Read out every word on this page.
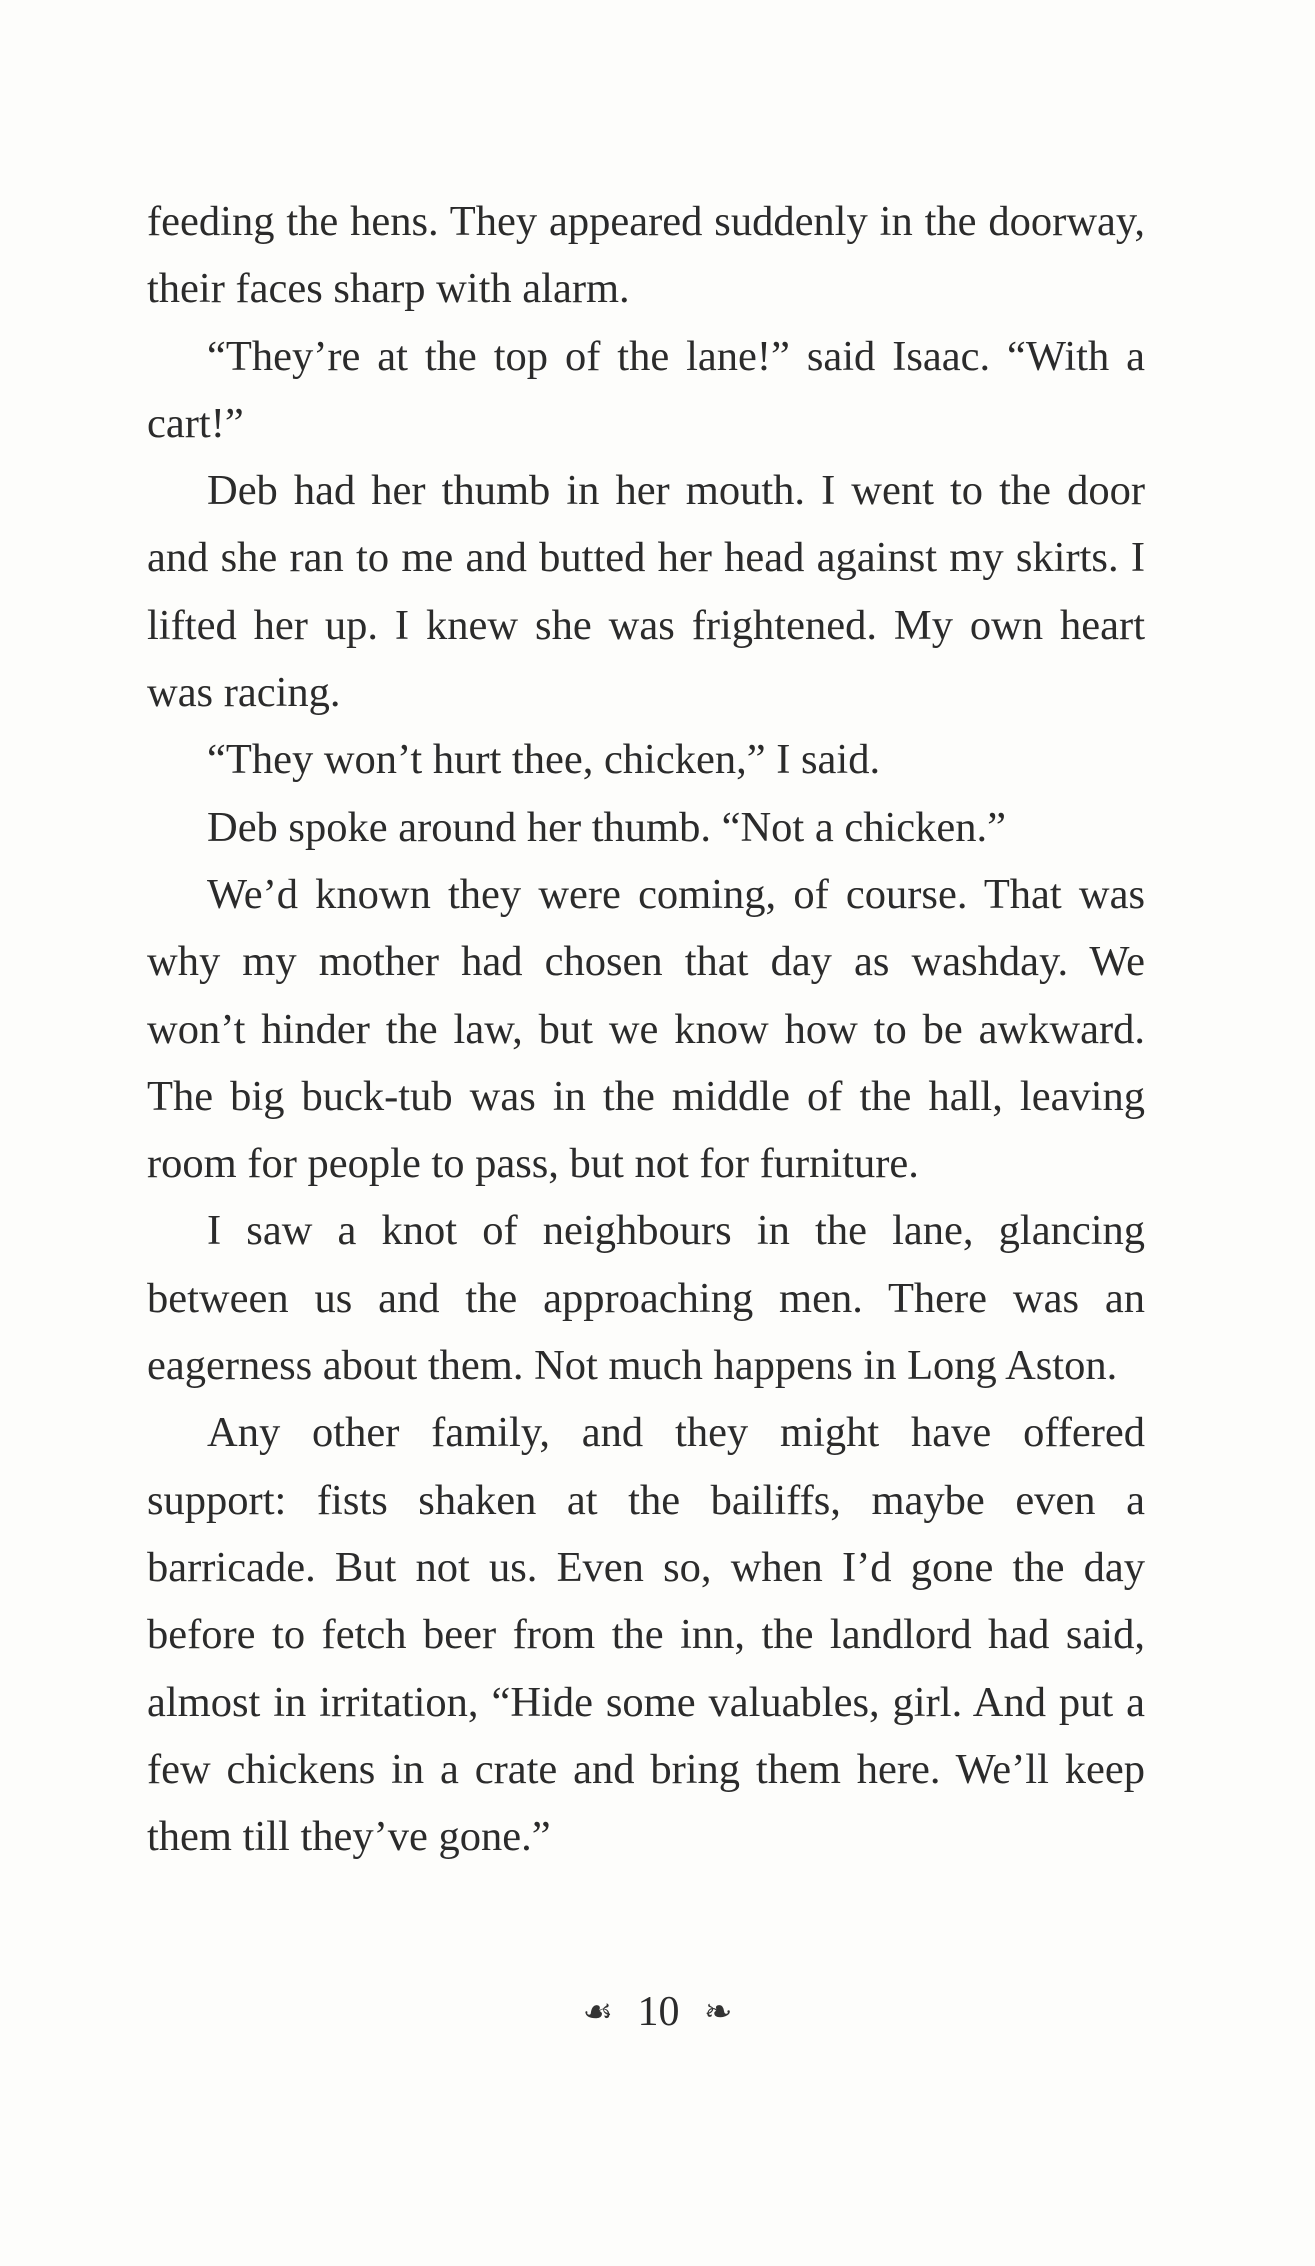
feeding the hens. They appeared suddenly in the doorway, their faces sharp with alarm.

“They’re at the top of the lane!” said Isaac. “With a cart!”

Deb had her thumb in her mouth. I went to the door and she ran to me and butted her head against my skirts. I lifted her up. I knew she was frightened. My own heart was racing.

“They won’t hurt thee, chicken,” I said.

Deb spoke around her thumb. “Not a chicken.”

We’d known they were coming, of course. That was why my mother had chosen that day as washday. We won’t hinder the law, but we know how to be awkward. The big buck-tub was in the middle of the hall, leaving room for people to pass, but not for furniture.

I saw a knot of neighbours in the lane, glancing between us and the approaching men. There was an eagerness about them. Not much happens in Long Aston.

Any other family, and they might have offered support: fists shaken at the bailiffs, maybe even a barricade. But not us. Even so, when I’d gone the day before to fetch beer from the inn, the landlord had said, almost in irritation, “Hide some valuables, girl. And put a few chickens in a crate and bring them here. We’ll keep them till they’ve gone.”

☙ 10 ❧
